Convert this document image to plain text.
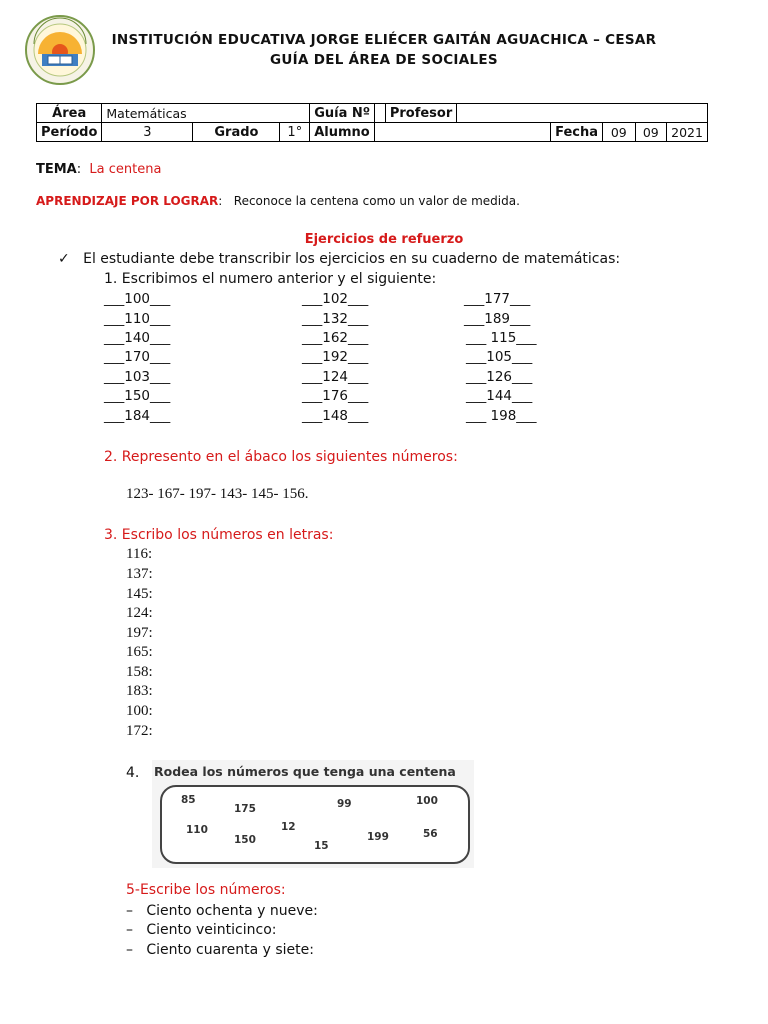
INSTITUCIÓN EDUCATIVA JORGE ELIÉCER GAITÁN AGUACHICA – CESAR
GUÍA DEL ÁREA DE SOCIALES
Área	Matemáticas			Guía Nº		Profesor					
Período	3	Grado	1°	Alumno				Fecha	09	09	2021
TEMA:  La centena
APRENDIZAJE POR LOGRAR:   Reconoce la centena como un valor de medida.
Ejercicios de refuerzo
✓ El estudiante debe transcribir los ejercicios en su cuaderno de matemáticas:
1. Escribimos el numero anterior y el siguiente:
___100___	___102___	___177___
___110___	___132___	___189___
___140___	___162___	___ 115___
___170___	___192___	___105___
___103___	___124___	___126___
___150___	___176___	___144___
___184___	___148___	___ 198___
2. Represento en el ábaco los siguientes números:
123- 167- 197- 143- 145- 156.
3. Escribo los números en letras:
116:
137:
145:
124:
197:
165:
158:
183:
100:
172:
4. Rodea los números que tenga una centena
85
175	99	100
110	12
150	15
199	56
5-Escribe los números:
– Ciento ochenta y nueve:
– Ciento veinticinco:
– Ciento cuarenta y siete:
